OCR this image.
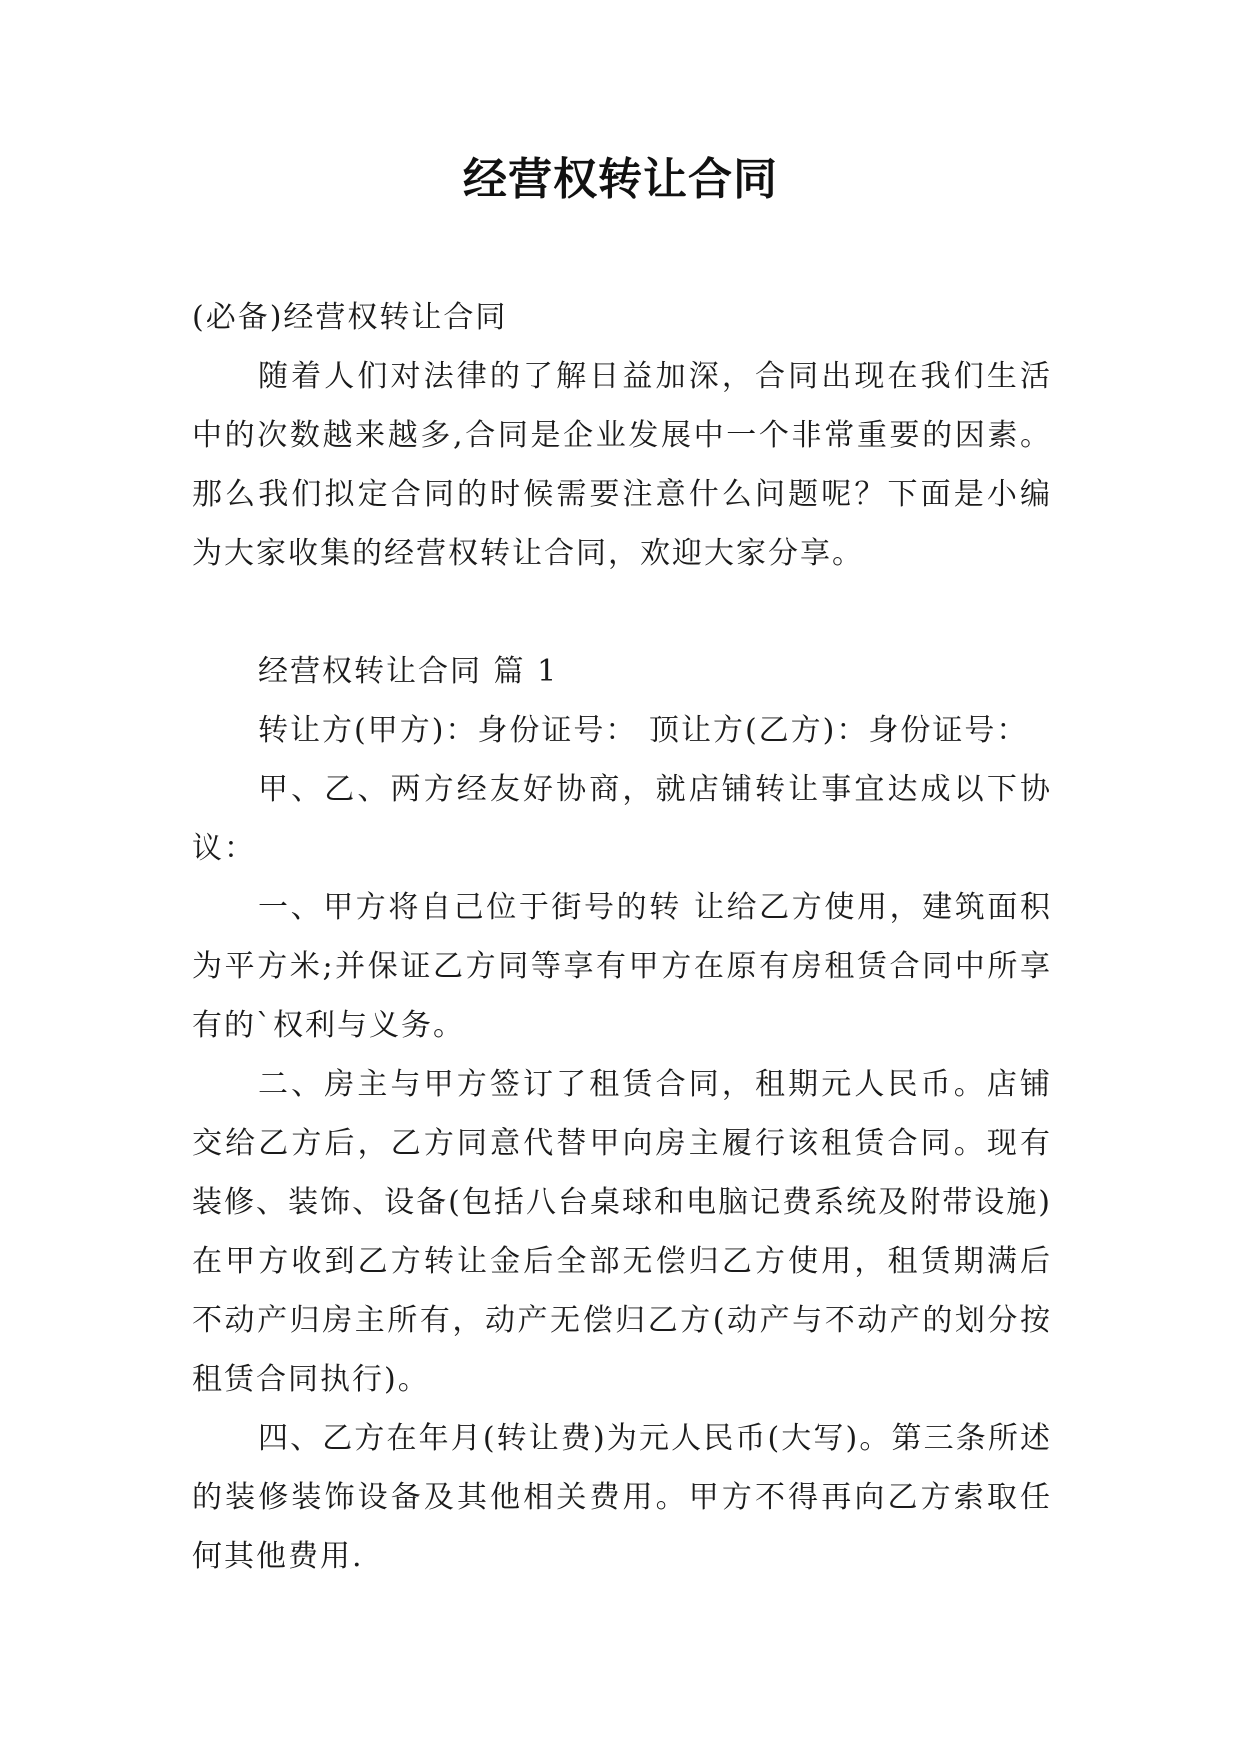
经营权转让合同

(必备)经营权转让合同

随着人们对法律的了解日益加深，合同出现在我们生活中的次数越来越多,合同是企业发展中一个非常重要的因素。那么我们拟定合同的时候需要注意什么问题呢？下面是小编为大家收集的经营权转让合同，欢迎大家分享。

经营权转让合同 篇 1

转让方(甲方)：身份证号： 顶让方(乙方)：身份证号：

甲、乙、两方经友好协商，就店铺转让事宜达成以下协议：

一、甲方将自己位于街号的转 让给乙方使用，建筑面积为平方米;并保证乙方同等享有甲方在原有房租赁合同中所享有的`权利与义务。

二、房主与甲方签订了租赁合同，租期元人民币。店铺交给乙方后，乙方同意代替甲向房主履行该租赁合同。现有装修、装饰、设备(包括八台桌球和电脑记费系统及附带设施)在甲方收到乙方转让金后全部无偿归乙方使用，租赁期满后不动产归房主所有，动产无偿归乙方(动产与不动产的划分按租赁合同执行)。

四、乙方在年月(转让费)为元人民币(大写)。第三条所述的装修装饰设备及其他相关费用。甲方不得再向乙方索取任何其他费用.
